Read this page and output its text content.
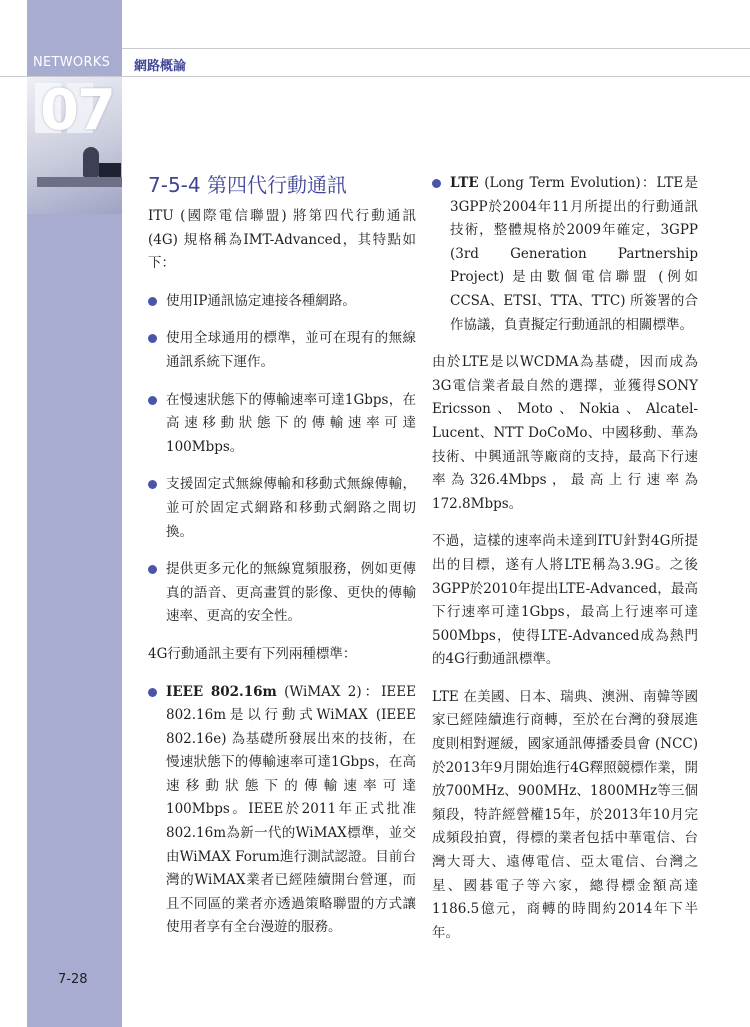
NETWORKS 網路概論
07
7-5-4 第四代行動通訊

ITU (國際電信聯盟) 將第四代行動通訊 (4G) 規格稱為IMT-Advanced，其特點如下：

使用IP通訊協定連接各種網路。
使用全球通用的標準，並可在現有的無線通訊系統下運作。
在慢速狀態下的傳輸速率可達1Gbps，在高速移動狀態下的傳輸速率可達100Mbps。
支援固定式無線傳輸和移動式無線傳輸，並可於固定式網路和移動式網路之間切換。
提供更多元化的無線寬頻服務，例如更傳真的語音、更高畫質的影像、更快的傳輸速率、更高的安全性。

4G行動通訊主要有下列兩種標準：

IEEE 802.16m (WiMAX 2)：IEEE 802.16m是以行動式WiMAX (IEEE 802.16e) 為基礎所發展出來的技術，在慢速狀態下的傳輸速率可達1Gbps，在高速移動狀態下的傳輸速率可達100Mbps。IEEE於2011年正式批准802.16m為新一代的WiMAX標準，並交由WiMAX Forum進行測試認證。目前台灣的WiMAX業者已經陸續開台營運，而且不同區的業者亦透過策略聯盟的方式讓使用者享有全台漫遊的服務。
LTE (Long Term Evolution)：LTE是3GPP於2004年11月所提出的行動通訊技術，整體規格於2009年確定，3GPP (3rd Generation Partnership Project) 是由數個電信聯盟 (例如CCSA、ETSI、TTA、TTC) 所簽署的合作協議，負責擬定行動通訊的相關標準。

由於LTE是以WCDMA為基礎，因而成為3G電信業者最自然的選擇，並獲得SONY Ericsson、Moto、Nokia、Alcatel-Lucent、NTT DoCoMo、中國移動、華為技術、中興通訊等廠商的支持，最高下行速率為326.4Mbps，最高上行速率為172.8Mbps。

不過，這樣的速率尚未達到ITU針對4G所提出的目標，遂有人將LTE稱為3.9G。之後3GPP於2010年提出LTE-Advanced，最高下行速率可達1Gbps，最高上行速率可達500Mbps，使得LTE-Advanced成為熱門的4G行動通訊標準。

LTE 在美國、日本、瑞典、澳洲、南韓等國家已經陸續進行商轉，至於在台灣的發展進度則相對遲緩，國家通訊傳播委員會 (NCC) 於2013年9月開始進行4G釋照競標作業，開放700MHz、900MHz、1800MHz等三個頻段，特許經營權15年，於2013年10月完成頻段拍賣，得標的業者包括中華電信、台灣大哥大、遠傳電信、亞太電信、台灣之星、國碁電子等六家，總得標金額高達1186.5億元，商轉的時間約2014年下半年。

7-28
